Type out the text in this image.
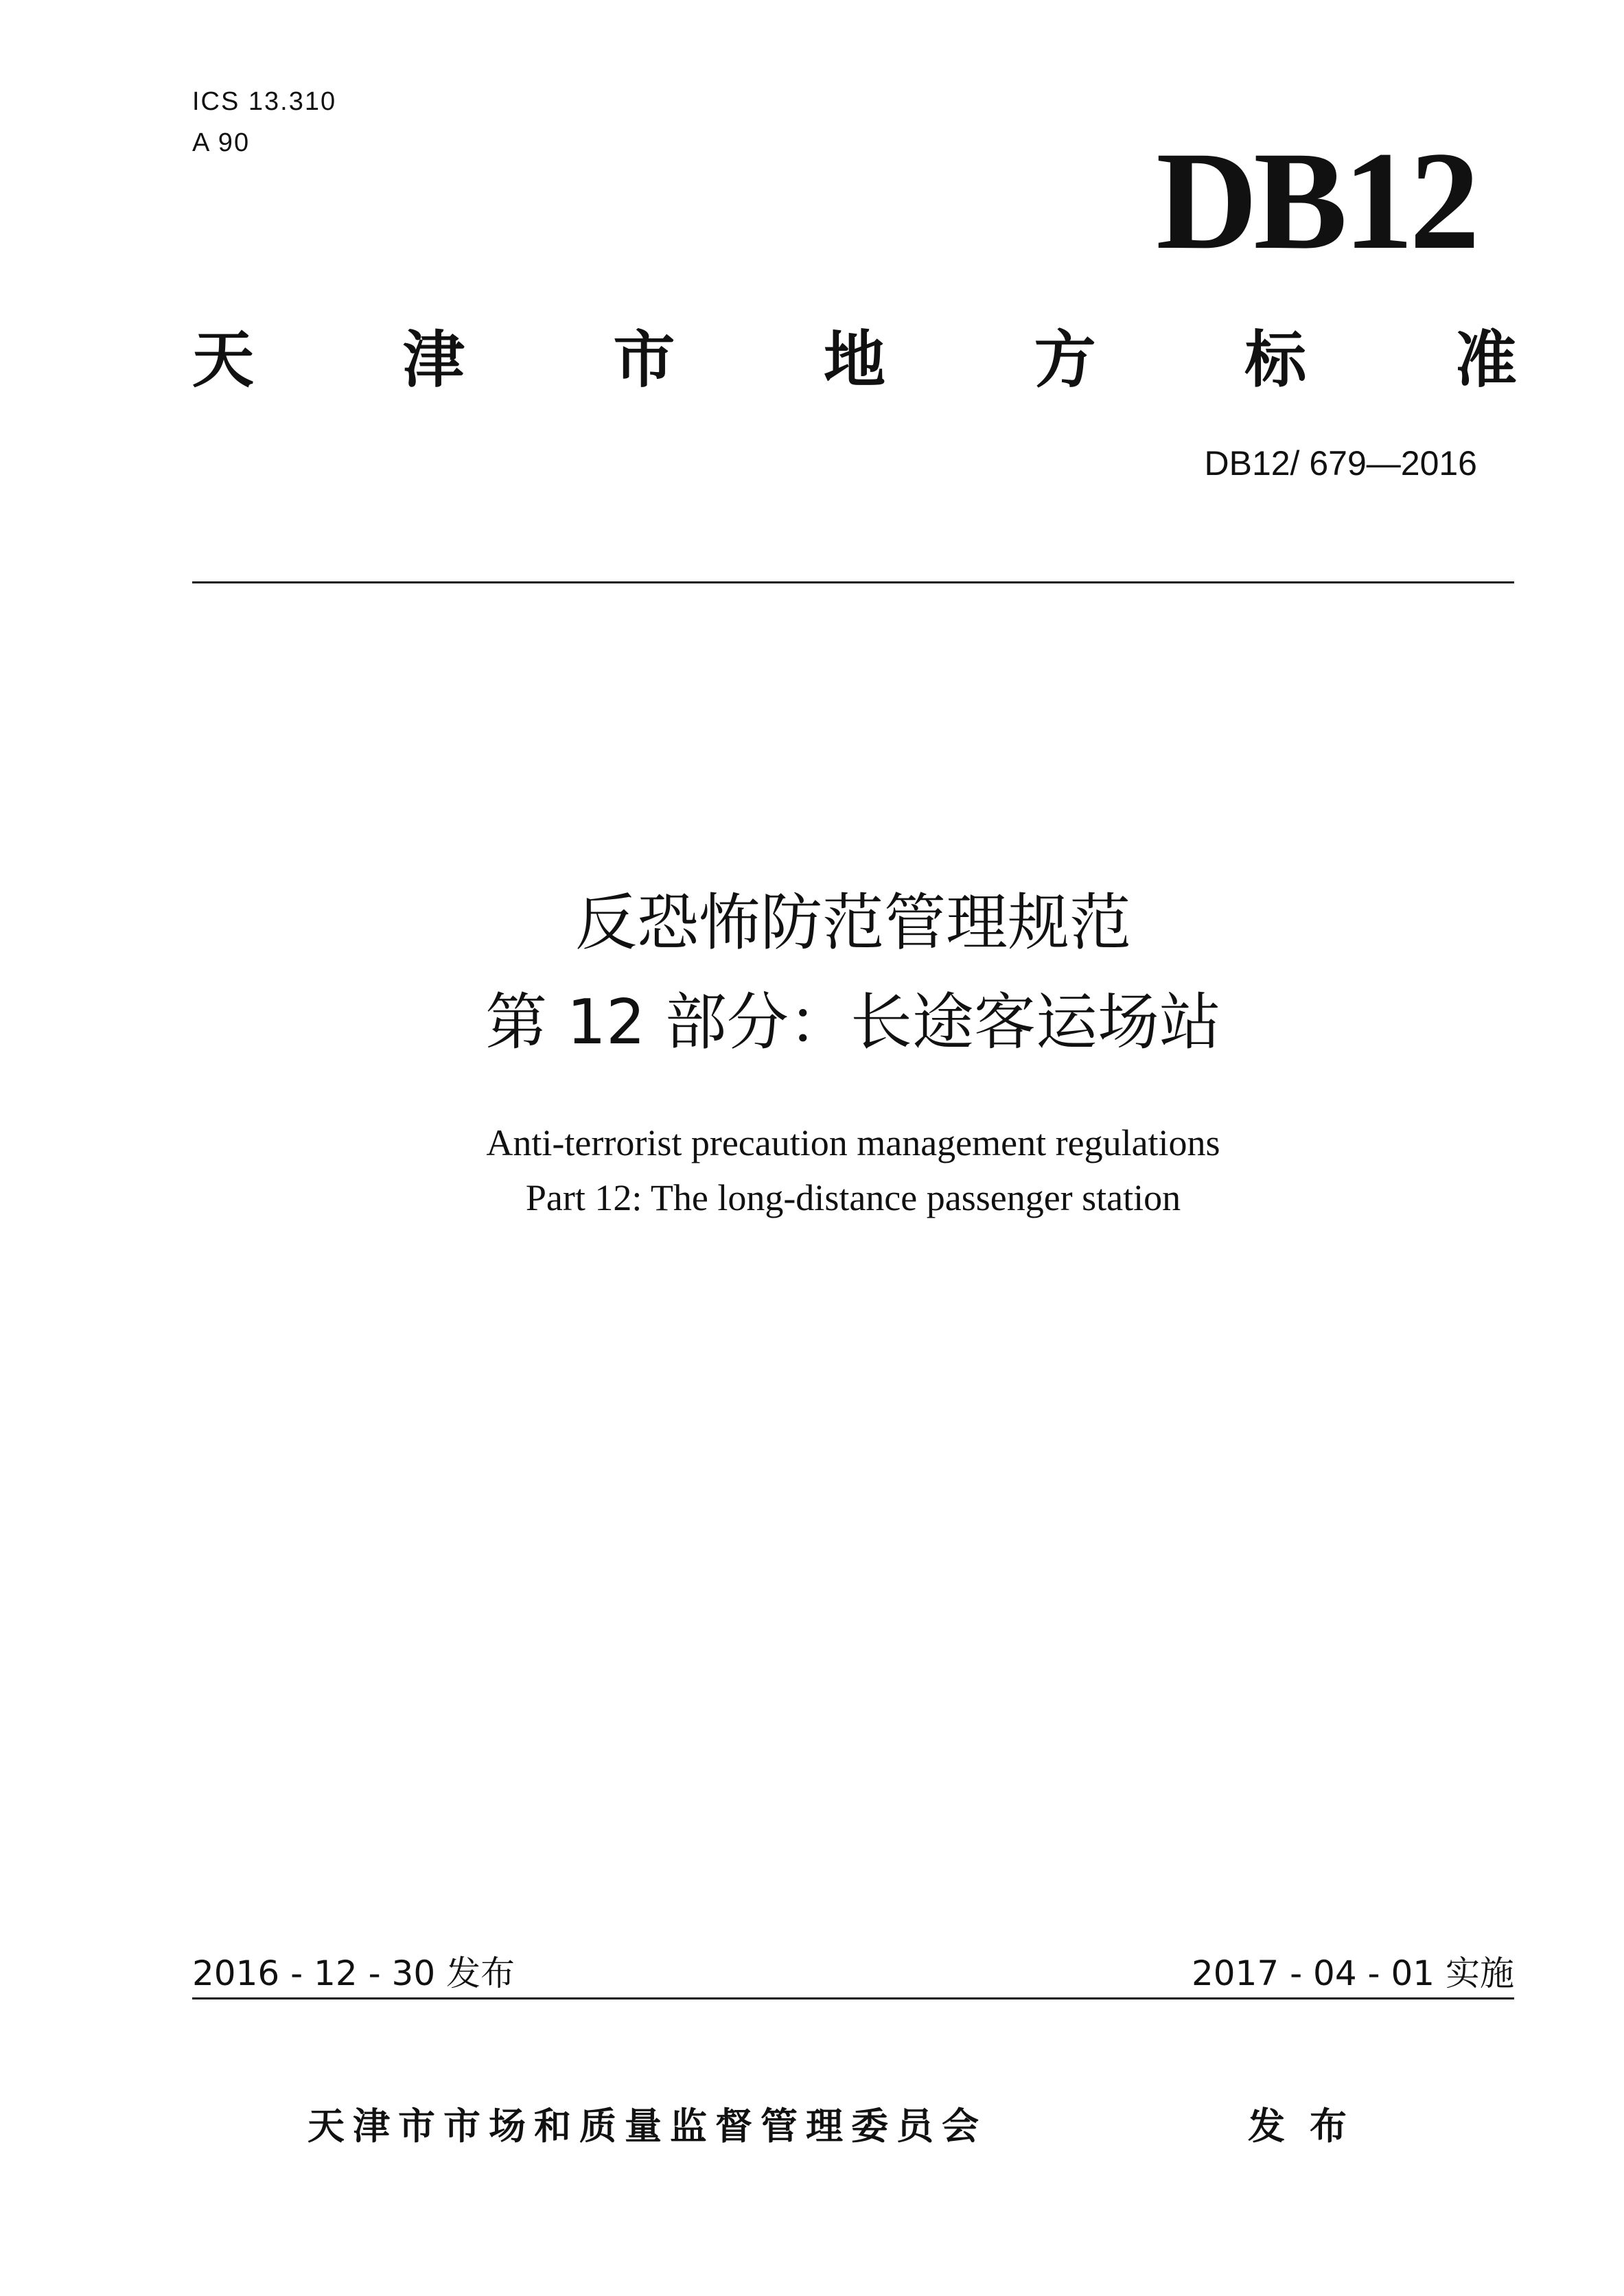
ICS 13.310
A 90	DB12
天 津 市 地 方 标 准
DB12/ 679—2016
反恐怖防范管理规范
第 12 部分：长途客运场站
Anti-terrorist precaution management regulations
Part 12: The long-distance passenger station
2016 - 12 - 30 发布	2017 - 04 - 01 实施
天津市市场和质量监督管理委员会	发布
